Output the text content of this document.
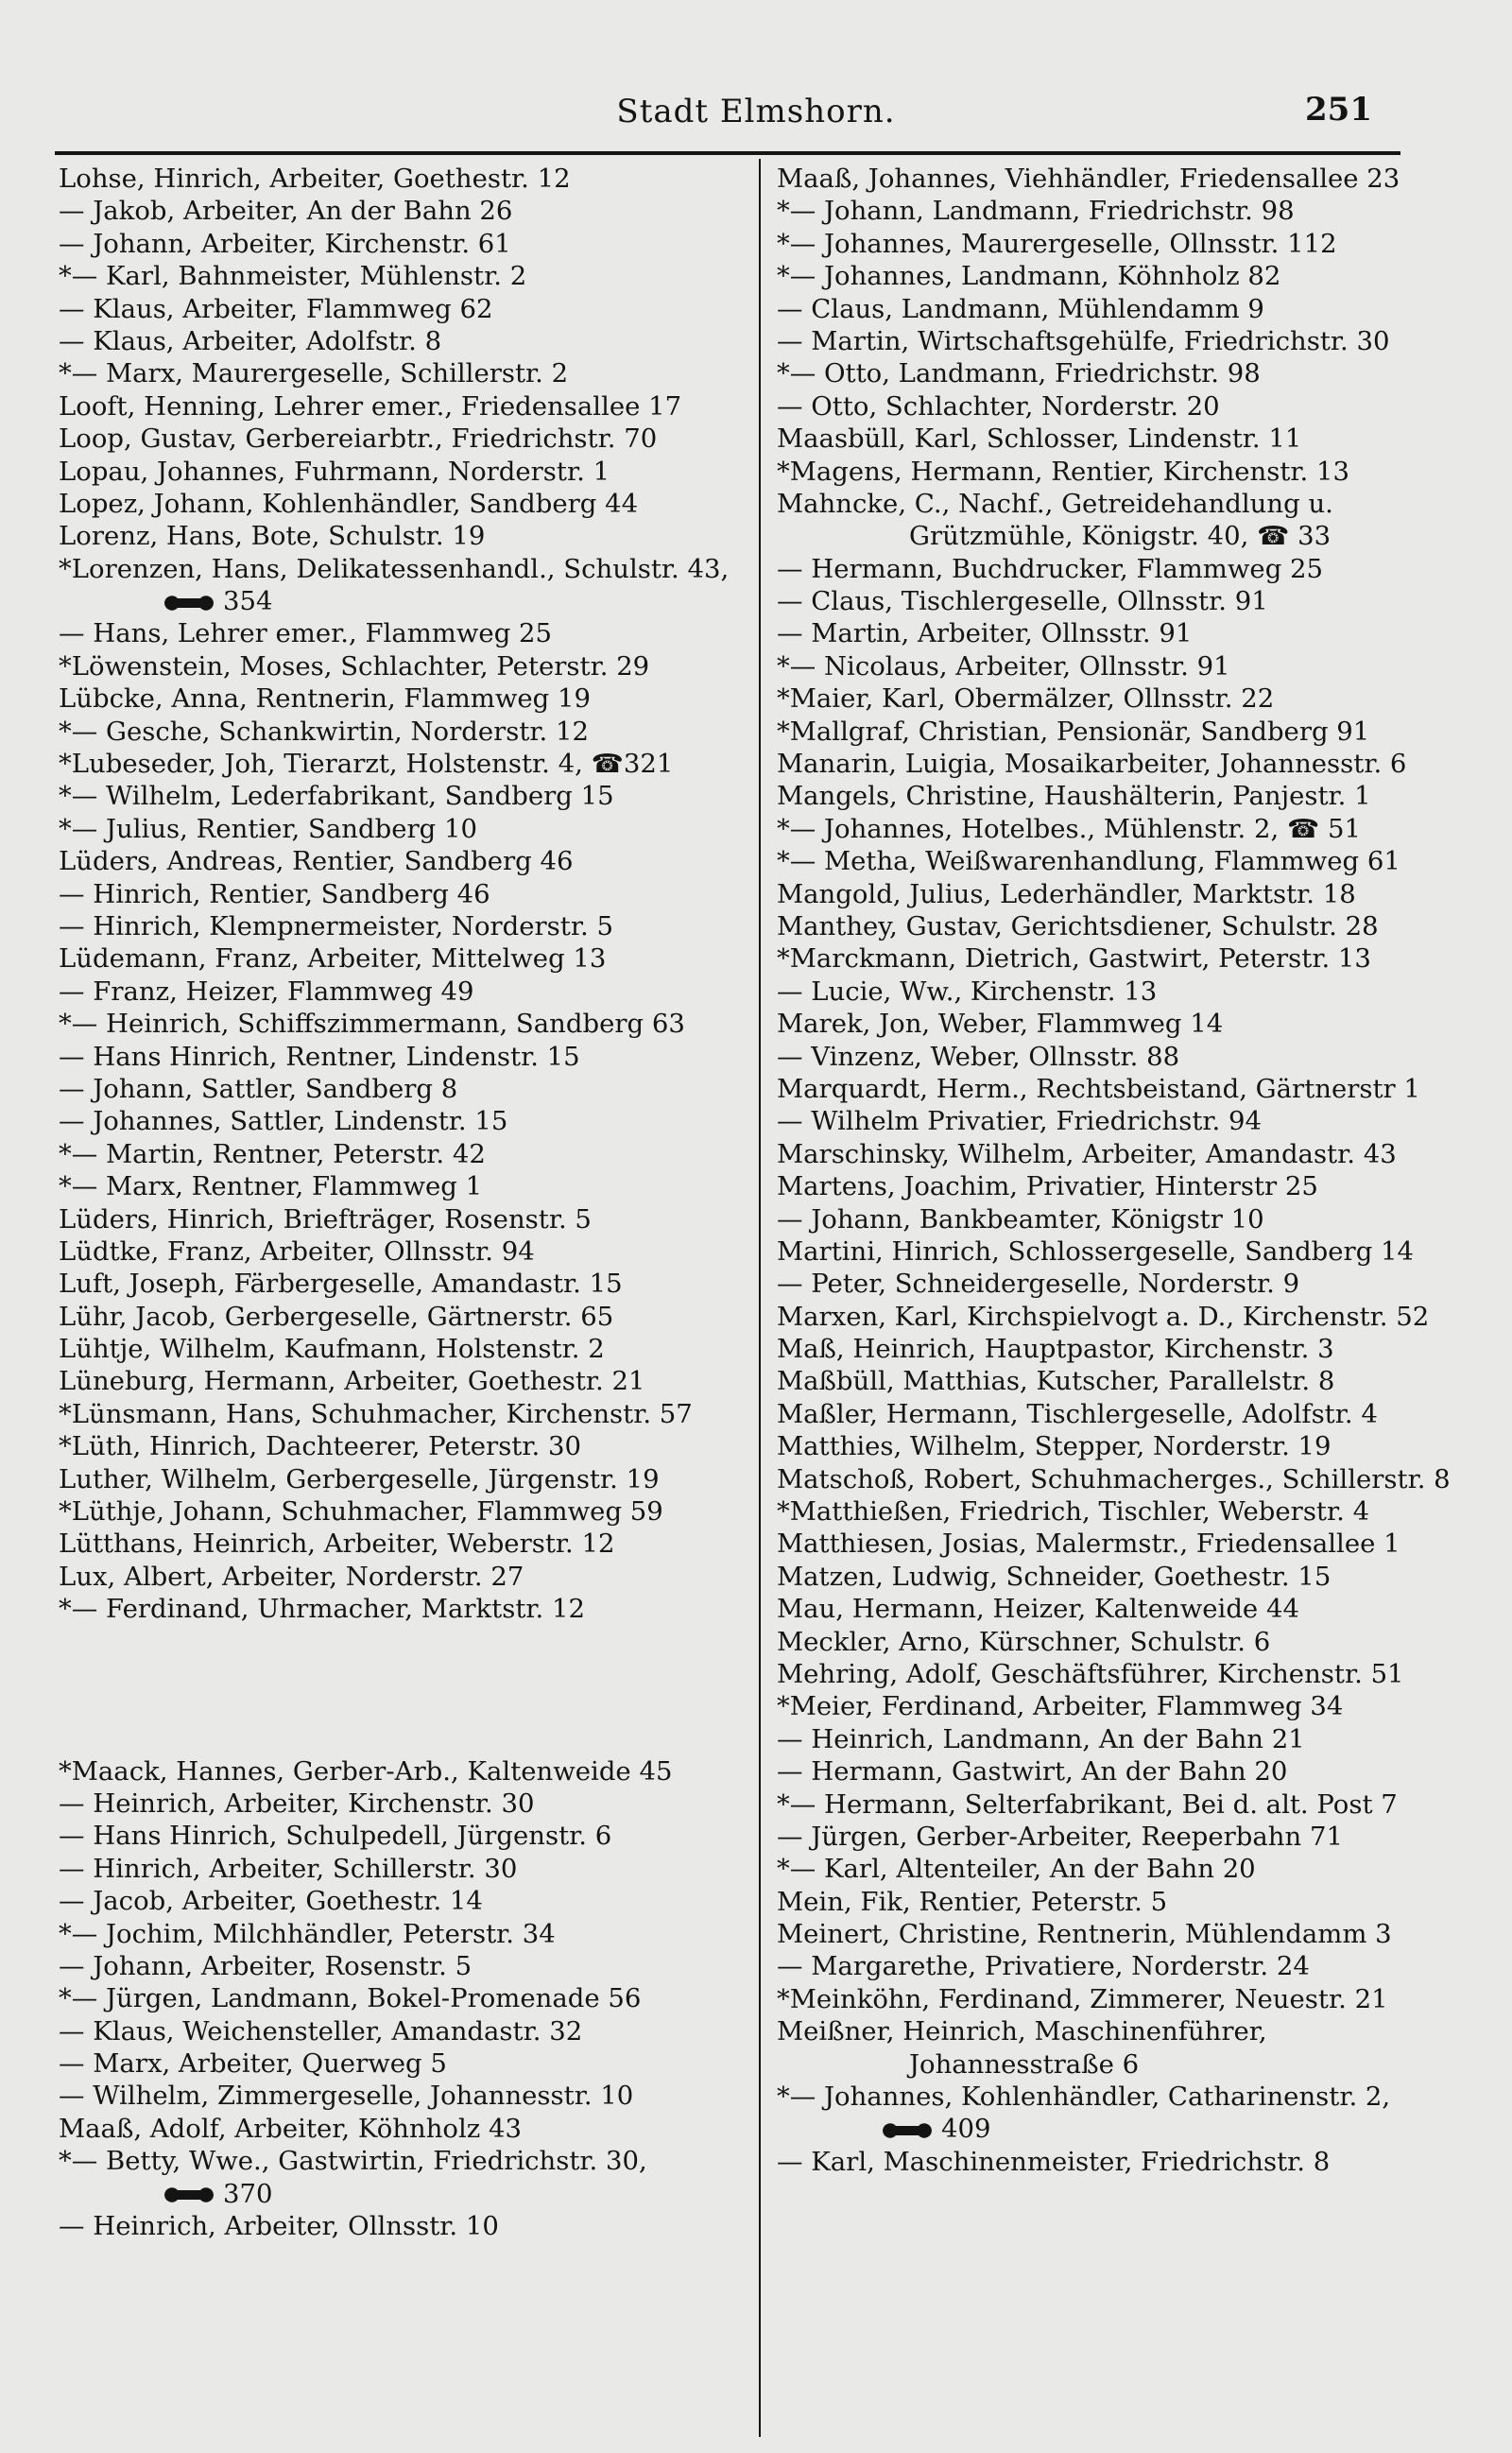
Stadt Elmshorn.	251
Lohse, Hinrich, Arbeiter, Goethestr. 12
— Jakob, Arbeiter, An der Bahn 26
— Johann, Arbeiter, Kirchenstr. 61
*— Karl, Bahnmeister, Mühlenstr. 2
— Klaus, Arbeiter, Flammweg 62
— Klaus, Arbeiter, Adolfstr. 8
*— Marx, Maurergeselle, Schillerstr. 2
Looft, Henning, Lehrer emer., Friedensallee 17
Loop, Gustav, Gerbereiarbtr., Friedrichstr. 70
Lopau, Johannes, Fuhrmann, Norderstr. 1
Lopez, Johann, Kohlenhändler, Sandberg 44
Lorenz, Hans, Bote, Schulstr. 19
*Lorenzen, Hans, Delikatessenhandl., Schulstr. 43,
354
— Hans, Lehrer emer., Flammweg 25
*Löwenstein, Moses, Schlachter, Peterstr. 29
Lübcke, Anna, Rentnerin, Flammweg 19
*— Gesche, Schankwirtin, Norderstr. 12
*Lubeseder, Joh, Tierarzt, Holstenstr. 4, ☎321
*— Wilhelm, Lederfabrikant, Sandberg 15
*— Julius, Rentier, Sandberg 10
Lüders, Andreas, Rentier, Sandberg 46
— Hinrich, Rentier, Sandberg 46
— Hinrich, Klempnermeister, Norderstr. 5
Lüdemann, Franz, Arbeiter, Mittelweg 13
— Franz, Heizer, Flammweg 49
*— Heinrich, Schiffszimmermann, Sandberg 63
— Hans Hinrich, Rentner, Lindenstr. 15
— Johann, Sattler, Sandberg 8
— Johannes, Sattler, Lindenstr. 15
*— Martin, Rentner, Peterstr. 42
*— Marx, Rentner, Flammweg 1
Lüders, Hinrich, Briefträger, Rosenstr. 5
Lüdtke, Franz, Arbeiter, Ollnsstr. 94
Luft, Joseph, Färbergeselle, Amandastr. 15
Lühr, Jacob, Gerbergeselle, Gärtnerstr. 65
Lühtje, Wilhelm, Kaufmann, Holstenstr. 2
Lüneburg, Hermann, Arbeiter, Goethestr. 21
*Lünsmann, Hans, Schuhmacher, Kirchenstr. 57
*Lüth, Hinrich, Dachteerer, Peterstr. 30
Luther, Wilhelm, Gerbergeselle, Jürgenstr. 19
*Lüthje, Johann, Schuhmacher, Flammweg 59
Lütthans, Heinrich, Arbeiter, Weberstr. 12
Lux, Albert, Arbeiter, Norderstr. 27
*— Ferdinand, Uhrmacher, Marktstr. 12
*Maack, Hannes, Gerber-Arb., Kaltenweide 45
— Heinrich, Arbeiter, Kirchenstr. 30
— Hans Hinrich, Schulpedell, Jürgenstr. 6
— Hinrich, Arbeiter, Schillerstr. 30
— Jacob, Arbeiter, Goethestr. 14
*— Jochim, Milchhändler, Peterstr. 34
— Johann, Arbeiter, Rosenstr. 5
*— Jürgen, Landmann, Bokel-Promenade 56
— Klaus, Weichensteller, Amandastr. 32
— Marx, Arbeiter, Querweg 5
— Wilhelm, Zimmergeselle, Johannesstr. 10
Maaß, Adolf, Arbeiter, Köhnholz 43
*— Betty, Wwe., Gastwirtin, Friedrichstr. 30,
370
— Heinrich, Arbeiter, Ollnsstr. 10
Maaß, Johannes, Viehhändler, Friedensallee 23
*— Johann, Landmann, Friedrichstr. 98
*— Johannes, Maurergeselle, Ollnsstr. 112
*— Johannes, Landmann, Köhnholz 82
— Claus, Landmann, Mühlendamm 9
— Martin, Wirtschaftsgehülfe, Friedrichstr. 30
*— Otto, Landmann, Friedrichstr. 98
— Otto, Schlachter, Norderstr. 20
Maasbüll, Karl, Schlosser, Lindenstr. 11
*Magens, Hermann, Rentier, Kirchenstr. 13
Mahncke, C., Nachf., Getreidehandlung u.
Grützmühle, Königstr. 40, ☎ 33
— Hermann, Buchdrucker, Flammweg 25
— Claus, Tischlergeselle, Ollnsstr. 91
— Martin, Arbeiter, Ollnsstr. 91
*— Nicolaus, Arbeiter, Ollnsstr. 91
*Maier, Karl, Obermälzer, Ollnsstr. 22
*Mallgraf, Christian, Pensionär, Sandberg 91
Manarin, Luigia, Mosaikarbeiter, Johannesstr. 6
Mangels, Christine, Haushälterin, Panjestr. 1
*— Johannes, Hotelbes., Mühlenstr. 2, ☎ 51
*— Metha, Weißwarenhandlung, Flammweg 61
Mangold, Julius, Lederhändler, Marktstr. 18
Manthey, Gustav, Gerichtsdiener, Schulstr. 28
*Marckmann, Dietrich, Gastwirt, Peterstr. 13
— Lucie, Ww., Kirchenstr. 13
Marek, Jon, Weber, Flammweg 14
— Vinzenz, Weber, Ollnsstr. 88
Marquardt, Herm., Rechtsbeistand, Gärtnerstr 1
— Wilhelm Privatier, Friedrichstr. 94
Marschinsky, Wilhelm, Arbeiter, Amandastr. 43
Martens, Joachim, Privatier, Hinterstr 25
— Johann, Bankbeamter, Königstr 10
Martini, Hinrich, Schlossergeselle, Sandberg 14
— Peter, Schneidergeselle, Norderstr. 9
Marxen, Karl, Kirchspielvogt a. D., Kirchenstr. 52
Maß, Heinrich, Hauptpastor, Kirchenstr. 3
Maßbüll, Matthias, Kutscher, Parallelstr. 8
Maßler, Hermann, Tischlergeselle, Adolfstr. 4
Matthies, Wilhelm, Stepper, Norderstr. 19
Matschoß, Robert, Schuhmacherges., Schillerstr. 8
*Matthießen, Friedrich, Tischler, Weberstr. 4
Matthiesen, Josias, Malermstr., Friedensallee 1
Matzen, Ludwig, Schneider, Goethestr. 15
Mau, Hermann, Heizer, Kaltenweide 44
Meckler, Arno, Kürschner, Schulstr. 6
Mehring, Adolf, Geschäftsführer, Kirchenstr. 51
*Meier, Ferdinand, Arbeiter, Flammweg 34
— Heinrich, Landmann, An der Bahn 21
— Hermann, Gastwirt, An der Bahn 20
*— Hermann, Selterfabrikant, Bei d. alt. Post 7
— Jürgen, Gerber-Arbeiter, Reeperbahn 71
*— Karl, Altenteiler, An der Bahn 20
Mein, Fik, Rentier, Peterstr. 5
Meinert, Christine, Rentnerin, Mühlendamm 3
— Margarethe, Privatiere, Norderstr. 24
*Meinköhn, Ferdinand, Zimmerer, Neuestr. 21
Meißner, Heinrich, Maschinenführer,
Johannesstraße 6
*— Johannes, Kohlenhändler, Catharinenstr. 2,
409
— Karl, Maschinenmeister, Friedrichstr. 8
